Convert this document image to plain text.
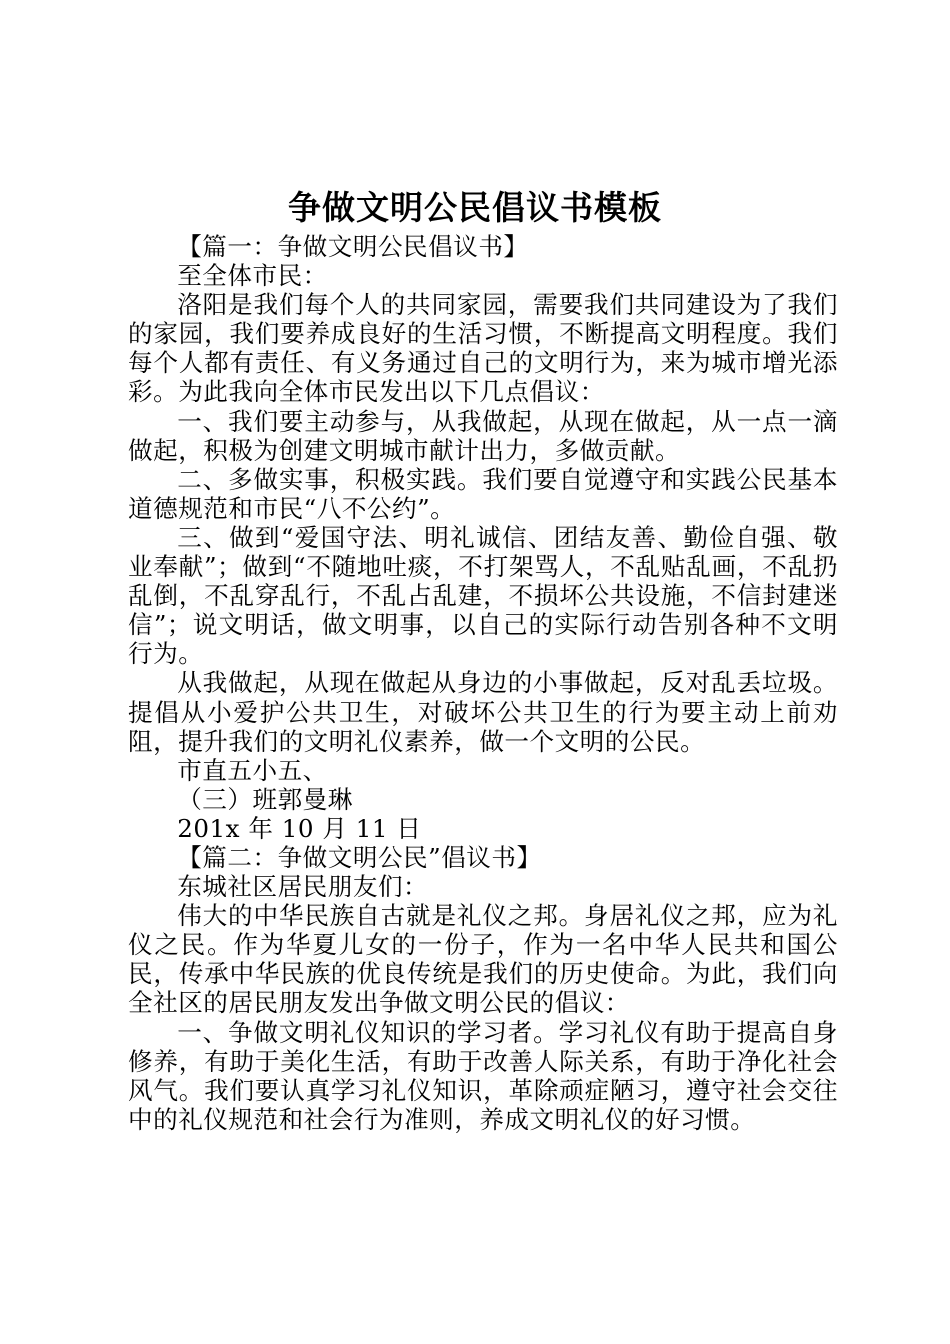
争做文明公民倡议书模板

【篇一：争做文明公民倡议书】

至全体市民：

洛阳是我们每个人的共同家园，需要我们共同建设为了我们的家园，我们要养成良好的生活习惯，不断提高文明程度。我们每个人都有责任、有义务通过自己的文明行为，来为城市增光添彩。为此我向全体市民发出以下几点倡议：

一、我们要主动参与，从我做起，从现在做起，从一点一滴做起，积极为创建文明城市献计出力，多做贡献。

二、多做实事，积极实践。我们要自觉遵守和实践公民基本道德规范和市民“八不公约”。

三、做到“爱国守法、明礼诚信、团结友善、勤俭自强、敬业奉献”；做到“不随地吐痰，不打架骂人，不乱贴乱画，不乱扔乱倒，不乱穿乱行，不乱占乱建，不损坏公共设施，不信封建迷信”；说文明话，做文明事，以自己的实际行动告别各种不文明行为。

从我做起，从现在做起从身边的小事做起，反对乱丢垃圾。提倡从小爱护公共卫生，对破坏公共卫生的行为要主动上前劝阻，提升我们的文明礼仪素养，做一个文明的公民。

市直五小五、

（三）班郭曼琳

201x 年 10 月 11 日

【篇二：争做文明公民”倡议书】

东城社区居民朋友们：

伟大的中华民族自古就是礼仪之邦。身居礼仪之邦，应为礼仪之民。作为华夏儿女的一份子，作为一名中华人民共和国公民，传承中华民族的优良传统是我们的历史使命。为此，我们向全社区的居民朋友发出争做文明公民的倡议：

一、争做文明礼仪知识的学习者。学习礼仪有助于提高自身修养，有助于美化生活，有助于改善人际关系，有助于净化社会风气。我们要认真学习礼仪知识，革除顽症陋习，遵守社会交往中的礼仪规范和社会行为准则，养成文明礼仪的好习惯。
